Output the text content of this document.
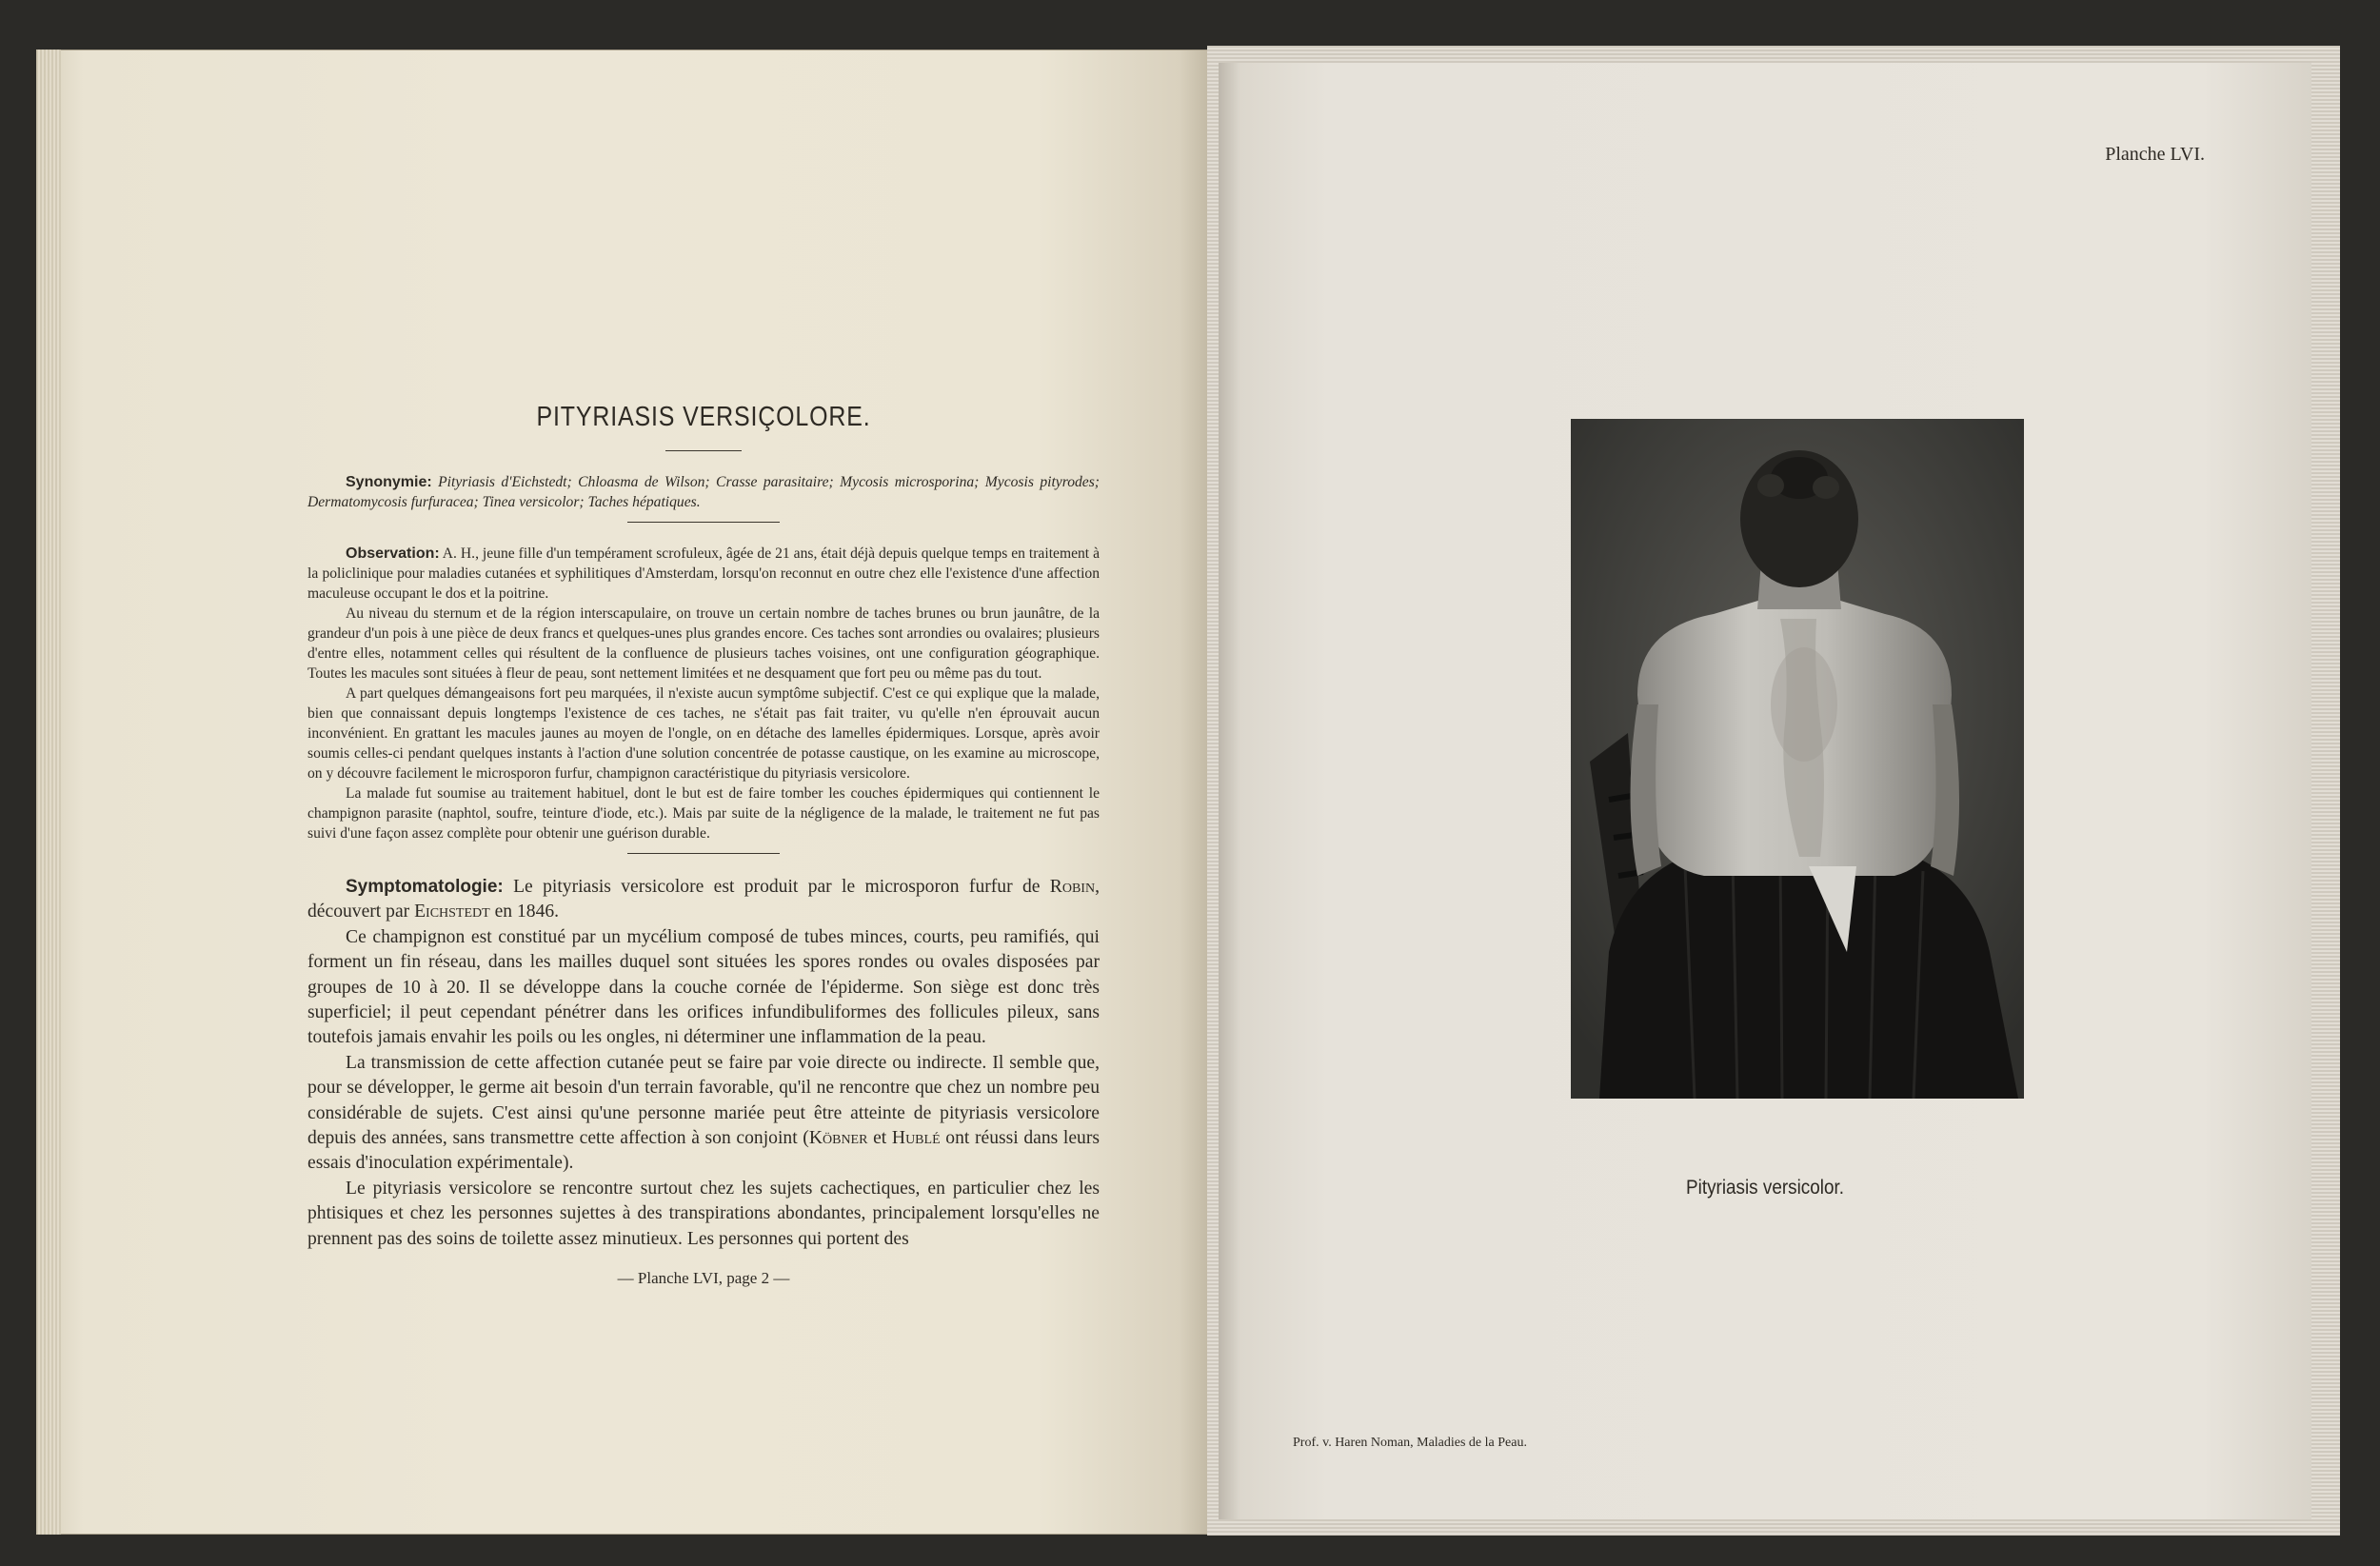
PITYRIASIS VERSIÇOLORE.

Synonymie: Pityriasis d'Eichstedt; Chloasma de Wilson; Crasse parasitaire; Mycosis microsporina; Mycosis pityrodes; Dermatomycosis furfuracea; Tinea versicolor; Taches hépatiques.

Observation: A. H., jeune fille d'un tempérament scrofuleux, âgée de 21 ans, était déjà depuis quelque temps en traitement à la policlinique pour maladies cutanées et syphilitiques d'Amsterdam, lorsqu'on reconnut en outre chez elle l'existence d'une affection maculeuse occupant le dos et la poitrine.

Au niveau du sternum et de la région interscapulaire, on trouve un certain nombre de taches brunes ou brun jaunâtre, de la grandeur d'un pois à une pièce de deux francs et quelques-unes plus grandes encore. Ces taches sont arrondies ou ovalaires; plusieurs d'entre elles, notamment celles qui résultent de la confluence de plusieurs taches voisines, ont une configuration géographique. Toutes les macules sont situées à fleur de peau, sont nettement limitées et ne desquament que fort peu ou même pas du tout.

A part quelques démangeaisons fort peu marquées, il n'existe aucun symptôme subjectif. C'est ce qui explique que la malade, bien que connaissant depuis longtemps l'existence de ces taches, ne s'était pas fait traiter, vu qu'elle n'en éprouvait aucun inconvénient. En grattant les macules jaunes au moyen de l'ongle, on en détache des lamelles épidermiques. Lorsque, après avoir soumis celles-ci pendant quelques instants à l'action d'une solution concentrée de potasse caustique, on les examine au microscope, on y découvre facilement le microsporon furfur, champignon caractéristique du pityriasis versicolore.

La malade fut soumise au traitement habituel, dont le but est de faire tomber les couches épidermiques qui contiennent le champignon parasite (naphtol, soufre, teinture d'iode, etc.). Mais par suite de la négligence de la malade, le traitement ne fut pas suivi d'une façon assez complète pour obtenir une guérison durable.

Symptomatologie: Le pityriasis versicolore est produit par le microsporon furfur de Robin, découvert par Eichstedt en 1846.

Ce champignon est constitué par un mycélium composé de tubes minces, courts, peu ramifiés, qui forment un fin réseau, dans les mailles duquel sont situées les spores rondes ou ovales disposées par groupes de 10 à 20. Il se développe dans la couche cornée de l'épiderme. Son siège est donc très superficiel; il peut cependant pénétrer dans les orifices infundibuliformes des follicules pileux, sans toutefois jamais envahir les poils ou les ongles, ni déterminer une inflammation de la peau.

La transmission de cette affection cutanée peut se faire par voie directe ou indirecte. Il semble que, pour se développer, le germe ait besoin d'un terrain favorable, qu'il ne rencontre que chez un nombre peu considérable de sujets. C'est ainsi qu'une personne mariée peut être atteinte de pityriasis versicolore depuis des années, sans transmettre cette affection à son conjoint (Köbner et Hublé ont réussi dans leurs essais d'inoculation expérimentale).

Le pityriasis versicolore se rencontre surtout chez les sujets cachectiques, en particulier chez les phtisiques et chez les personnes sujettes à des transpirations abondantes, principalement lorsqu'elles ne prennent pas des soins de toilette assez minutieux. Les personnes qui portent des

— Planche LVI, page 2 —
Planche LVI.
Pityriasis versicolor.
Prof. v. Haren Noman, Maladies de la Peau.
